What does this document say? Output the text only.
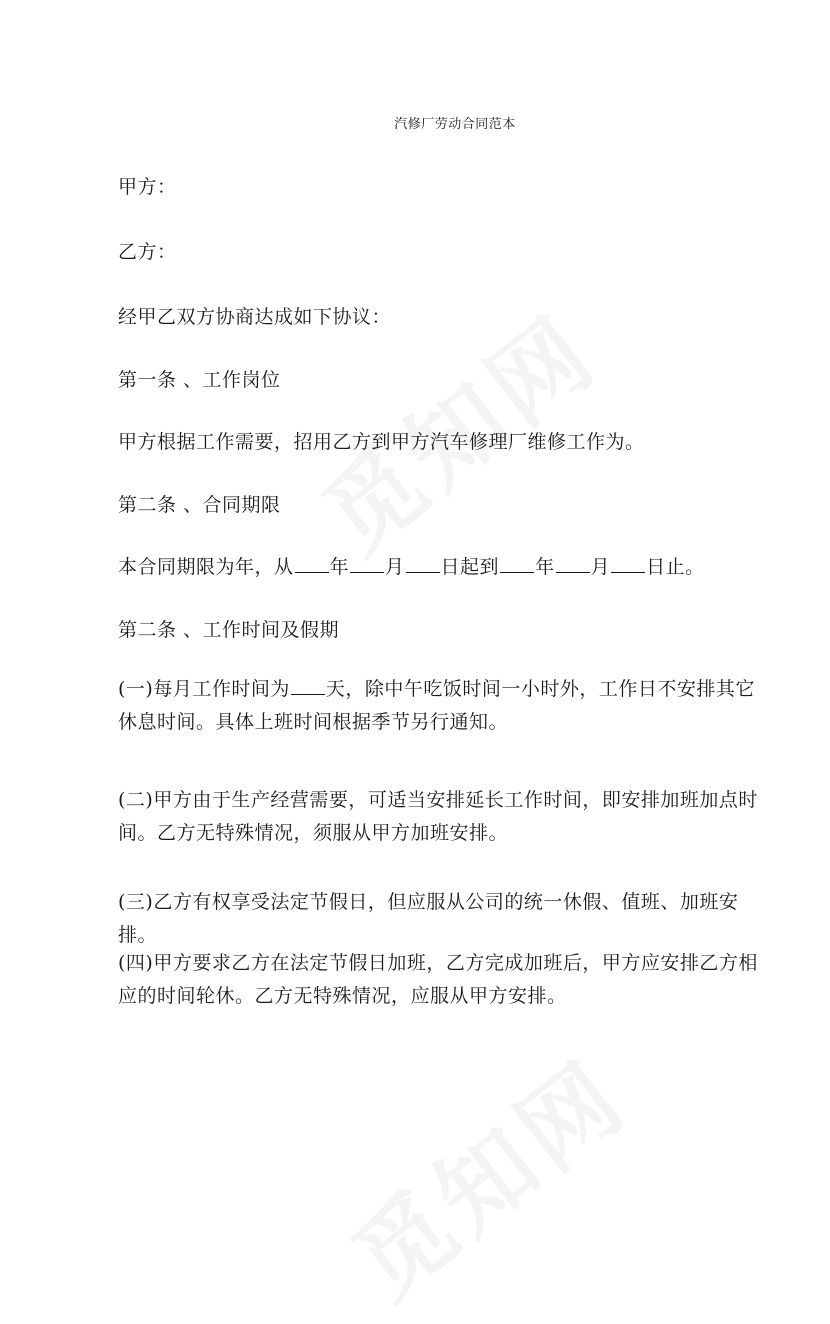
汽修厂劳动合同范本
甲方：
乙方：
经甲乙双方协商达成如下协议：
第一条 、工作岗位
甲方根据工作需要，招用乙方到甲方汽车修理厂维修工作为。
第二条 、合同期限
本合同期限为年，从 年 月 日起到 年 月 日止。
第二条 、工作时间及假期
(一)每月工作时间为 天，除中午吃饭时间一小时外，工作日不安排其它休息时间。具体上班时间根据季节另行通知。
(二)甲方由于生产经营需要，可适当安排延长工作时间，即安排加班加点时间。乙方无特殊情况，须服从甲方加班安排。
(三)乙方有权享受法定节假日，但应服从公司的统一休假、值班、加班安排。
(四)甲方要求乙方在法定节假日加班，乙方完成加班后，甲方应安排乙方相应的时间轮休。乙方无特殊情况，应服从甲方安排。
